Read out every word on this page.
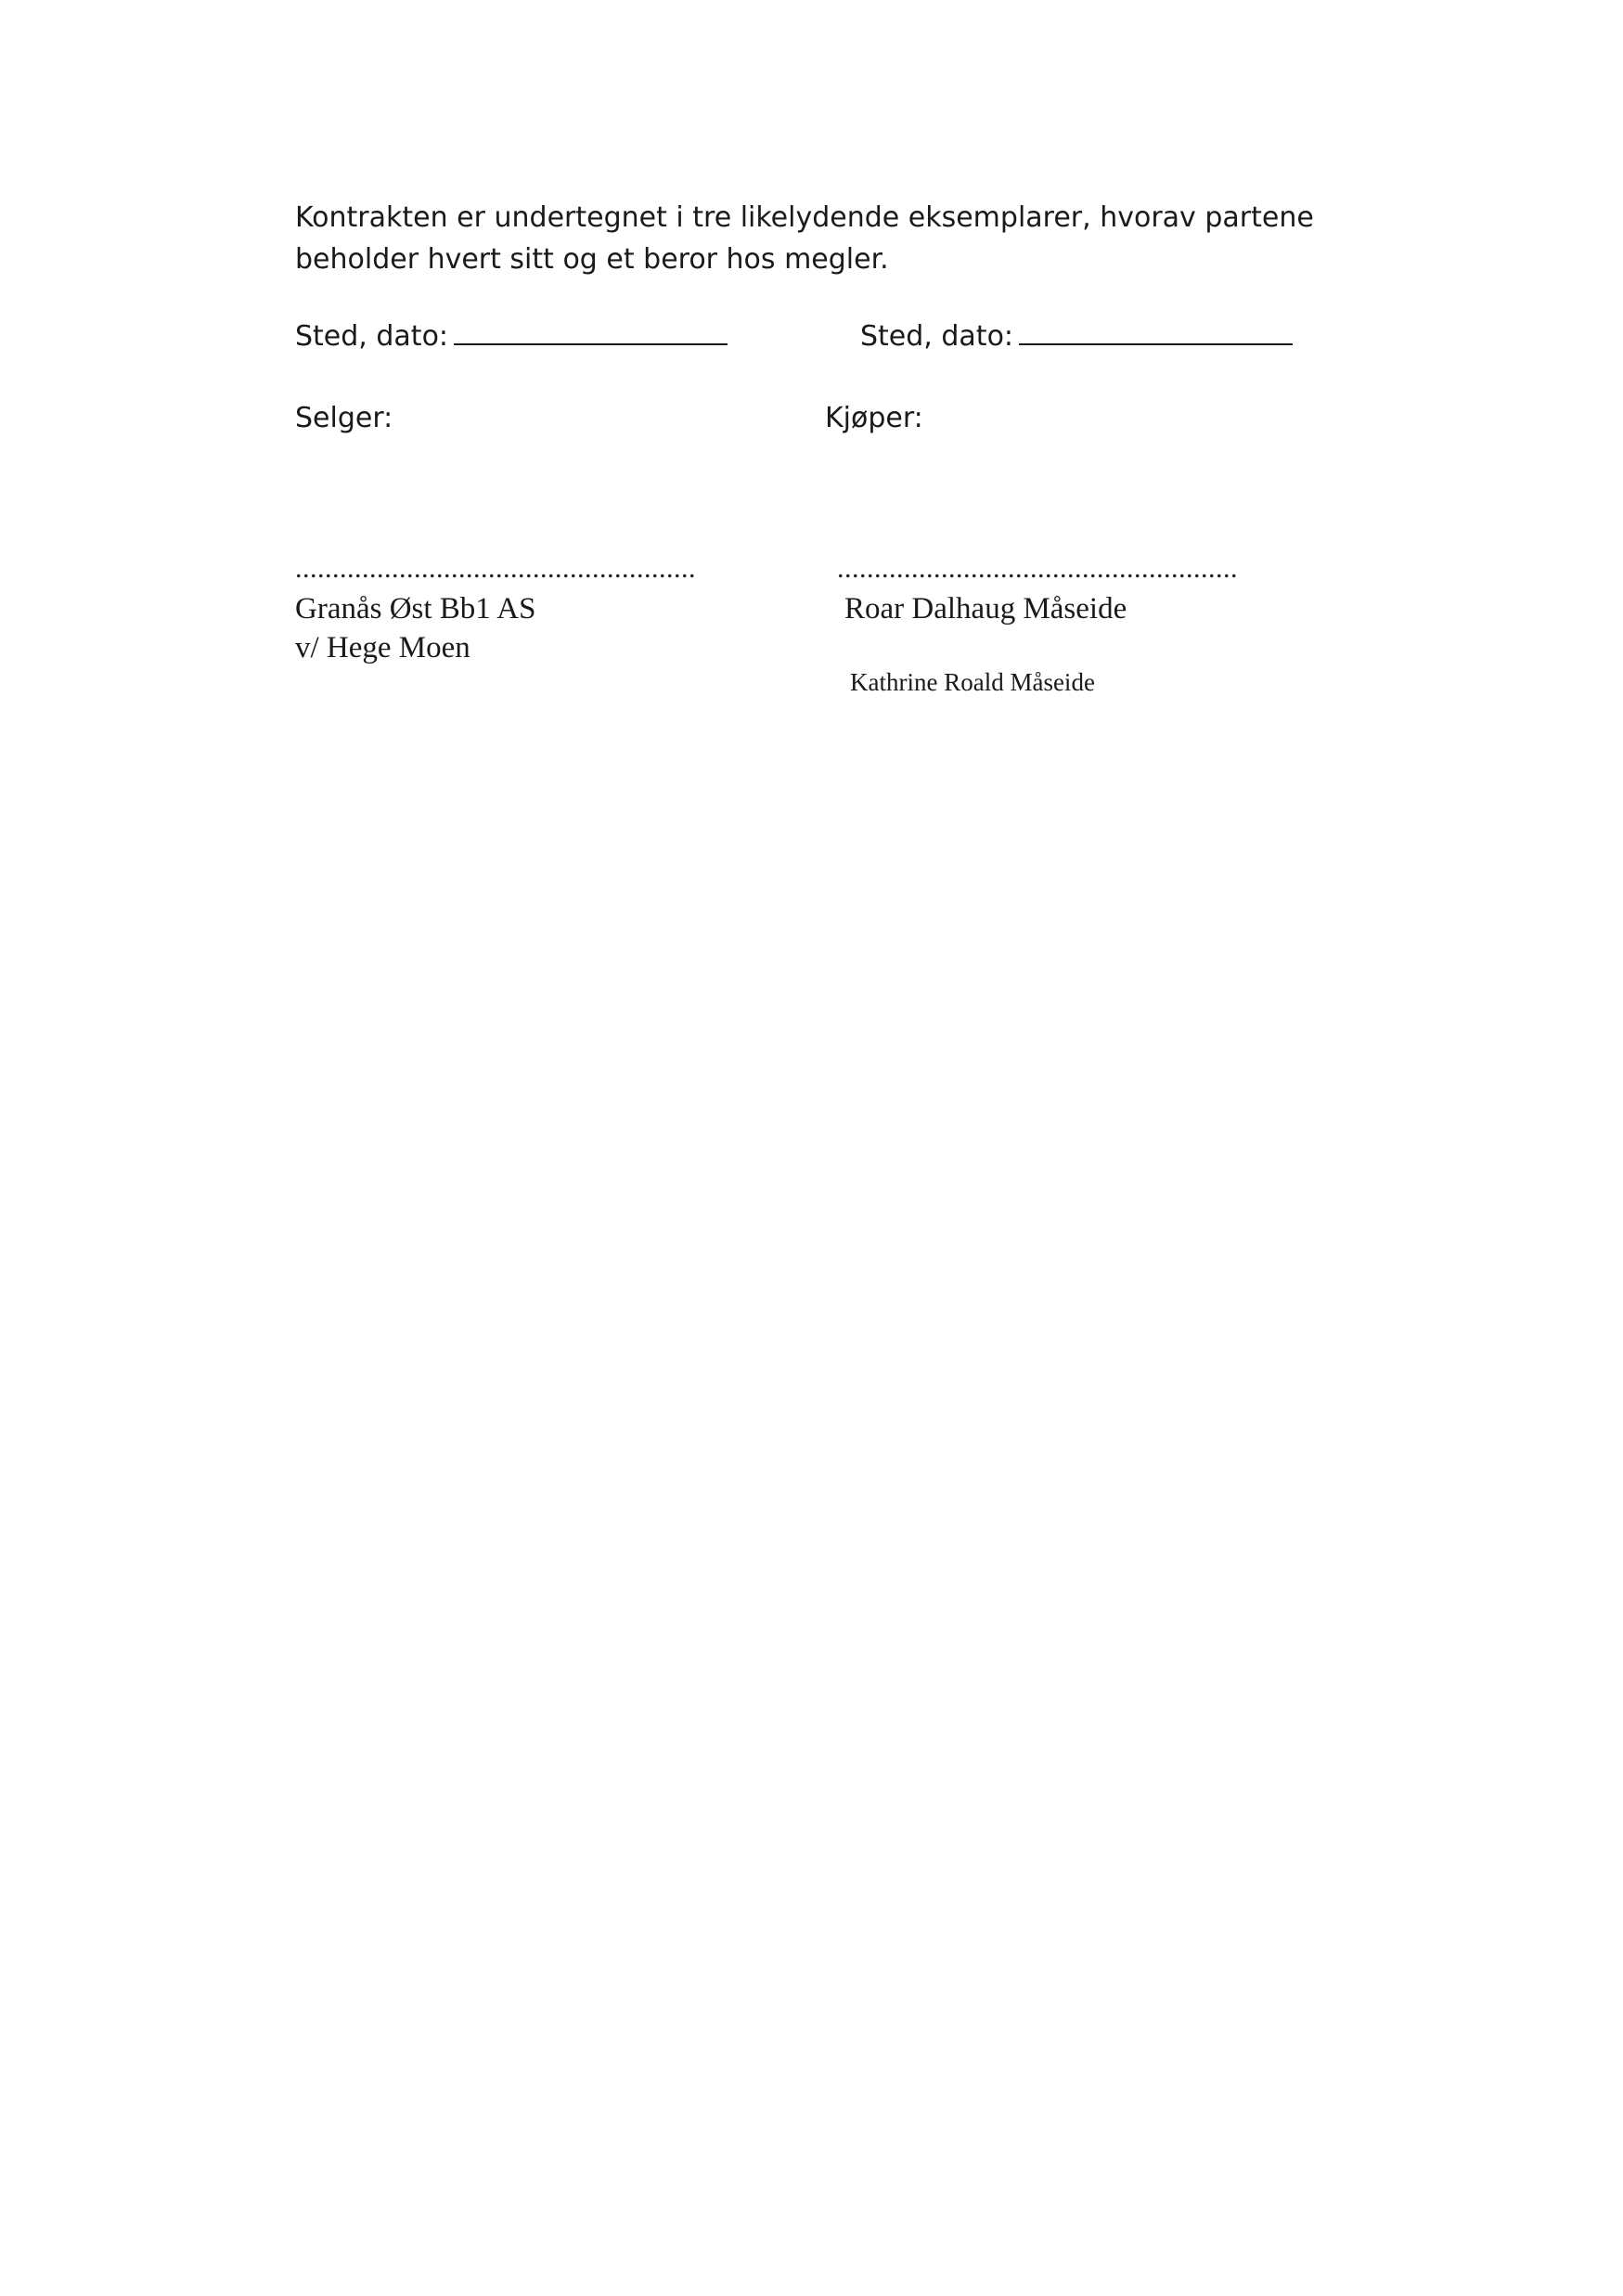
Kontrakten er undertegnet i tre likelydende eksemplarer, hvorav partene beholder hvert sitt og et beror hos megler.
Sted, dato:
Selger:
......................................................
Granås Øst Bb1 AS
v/ Hege Moen
Sted, dato:
Kjøper:
......................................................
Roar Dalhaug Måseide
Kathrine Roald Måseide
